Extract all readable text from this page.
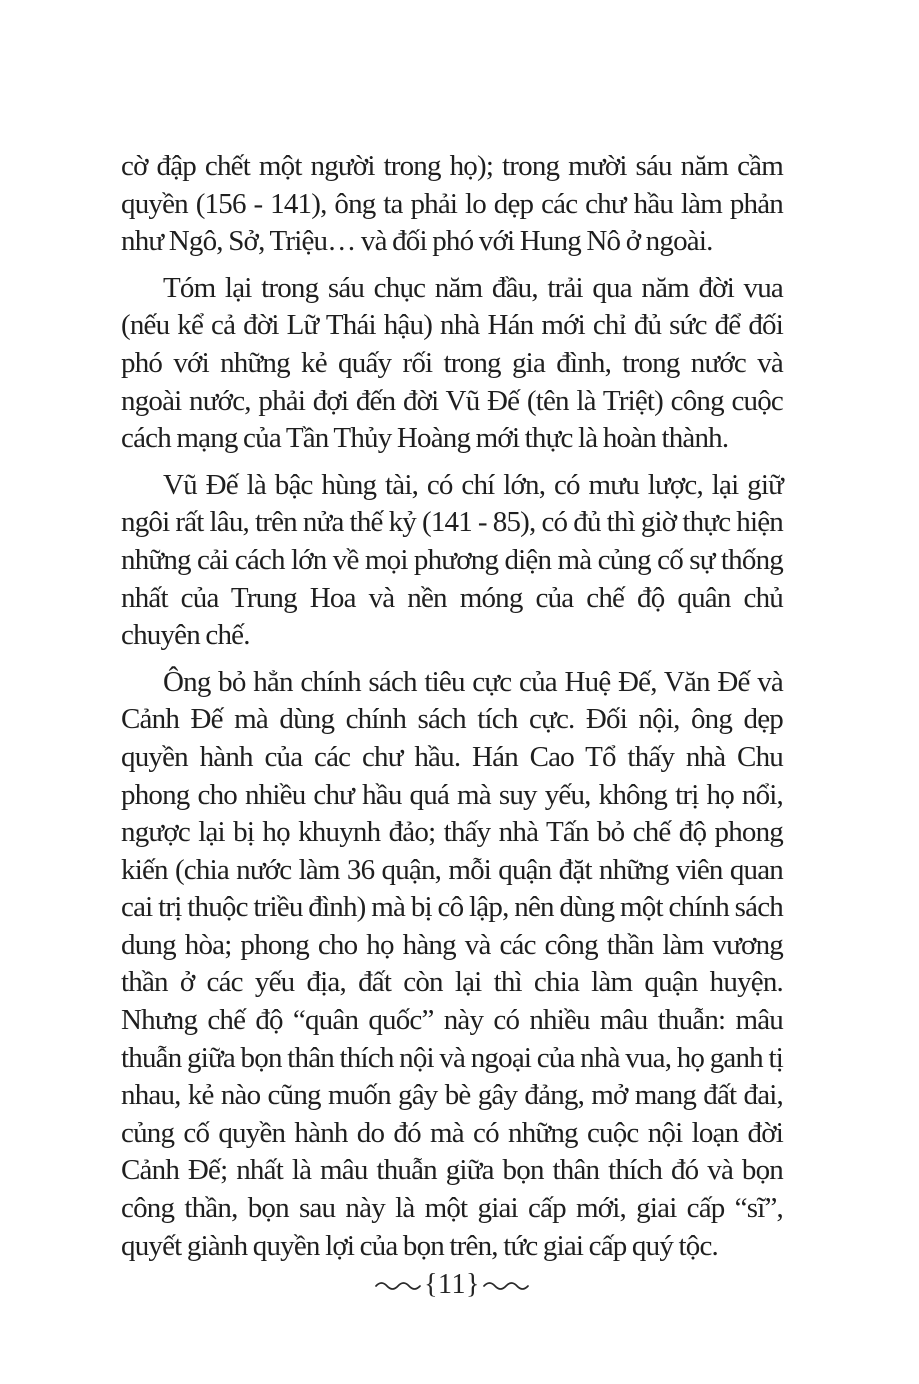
cờ đập chết một người trong họ); trong mười sáu năm cầm quyền (156 - 141), ông ta phải lo dẹp các chư hầu làm phản như Ngô, Sở, Triệu… và đối phó với Hung Nô ở ngoài.

Tóm lại trong sáu chục năm đầu, trải qua năm đời vua (nếu kể cả đời Lữ Thái hậu) nhà Hán mới chỉ đủ sức để đối phó với những kẻ quấy rối trong gia đình, trong nước và ngoài nước, phải đợi đến đời Vũ Đế (tên là Triệt) công cuộc cách mạng của Tần Thủy Hoàng mới thực là hoàn thành.

Vũ Đế là bậc hùng tài, có chí lớn, có mưu lược, lại giữ ngôi rất lâu, trên nửa thế kỷ (141 - 85), có đủ thì giờ thực hiện những cải cách lớn về mọi phương diện mà củng cố sự thống nhất của Trung Hoa và nền móng của chế độ quân chủ chuyên chế.

Ông bỏ hẳn chính sách tiêu cực của Huệ Đế, Văn Đế và Cảnh Đế mà dùng chính sách tích cực. Đối nội, ông dẹp quyền hành của các chư hầu. Hán Cao Tổ thấy nhà Chu phong cho nhiều chư hầu quá mà suy yếu, không trị họ nổi, ngược lại bị họ khuynh đảo; thấy nhà Tấn bỏ chế độ phong kiến (chia nước làm 36 quận, mỗi quận đặt những viên quan cai trị thuộc triều đình) mà bị cô lập, nên dùng một chính sách dung hòa; phong cho họ hàng và các công thần làm vương thần ở các yếu địa, đất còn lại thì chia làm quận huyện. Nhưng chế độ “quân quốc” này có nhiều mâu thuẫn: mâu thuẫn giữa bọn thân thích nội và ngoại của nhà vua, họ ganh tị nhau, kẻ nào cũng muốn gây bè gây đảng, mở mang đất đai, củng cố quyền hành do đó mà có những cuộc nội loạn đời Cảnh Đế; nhất là mâu thuẫn giữa bọn thân thích đó và bọn công thần, bọn sau này là một giai cấp mới, giai cấp “sĩ”, quyết giành quyền lợi của bọn trên, tức giai cấp quý tộc.

{11}
